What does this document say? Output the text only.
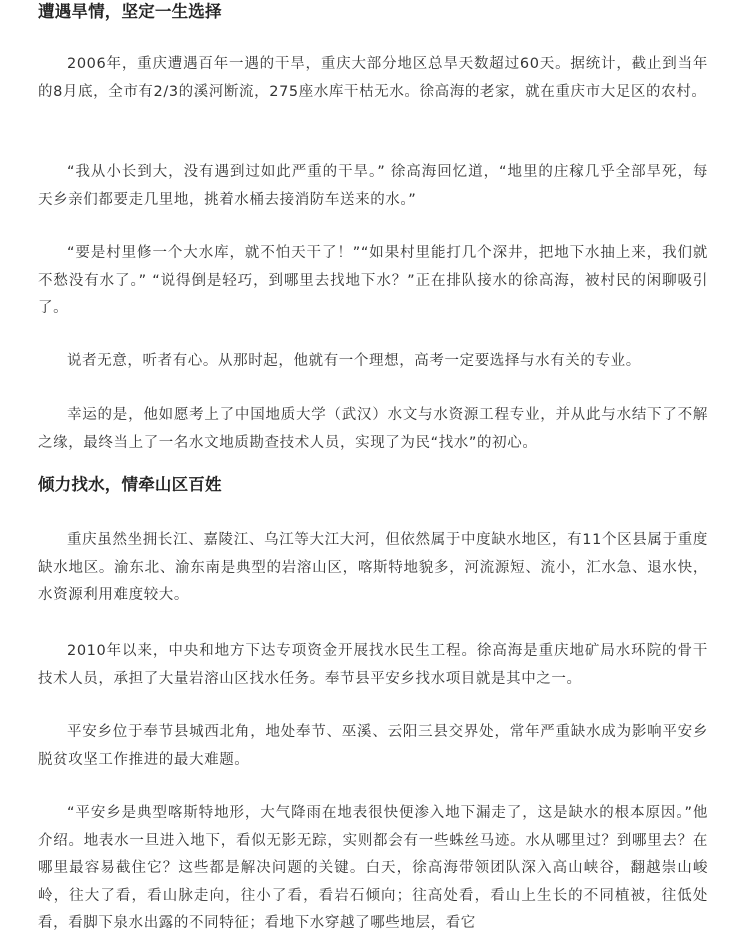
遭遇旱情，坚定一生选择

2006年，重庆遭遇百年一遇的干旱，重庆大部分地区总旱天数超过60天。据统计，截止到当年的8月底，全市有2/3的溪河断流，275座水库干枯无水。徐高海的老家，就在重庆市大足区的农村。

“我从小长到大，没有遇到过如此严重的干旱。” 徐高海回忆道，“地里的庄稼几乎全部旱死，每天乡亲们都要走几里地，挑着水桶去接消防车送来的水。”

“要是村里修一个大水库，就不怕天干了！”“如果村里能打几个深井，把地下水抽上来，我们就不愁没有水了。” “说得倒是轻巧，到哪里去找地下水？”正在排队接水的徐高海，被村民的闲聊吸引了。

说者无意，听者有心。从那时起，他就有一个理想，高考一定要选择与水有关的专业。

幸运的是，他如愿考上了中国地质大学（武汉）水文与水资源工程专业，并从此与水结下了不解之缘，最终当上了一名水文地质勘查技术人员，实现了为民“找水”的初心。

倾力找水，情牵山区百姓

重庆虽然坐拥长江、嘉陵江、乌江等大江大河，但依然属于中度缺水地区，有11个区县属于重度缺水地区。渝东北、渝东南是典型的岩溶山区，喀斯特地貌多，河流源短、流小，汇水急、退水快，水资源利用难度较大。

2010年以来，中央和地方下达专项资金开展找水民生工程。徐高海是重庆地矿局水环院的骨干技术人员，承担了大量岩溶山区找水任务。奉节县平安乡找水项目就是其中之一。

平安乡位于奉节县城西北角，地处奉节、巫溪、云阳三县交界处，常年严重缺水成为影响平安乡脱贫攻坚工作推进的最大难题。

“平安乡是典型喀斯特地形，大气降雨在地表很快便渗入地下漏走了，这是缺水的根本原因。”他介绍。地表水一旦进入地下，看似无影无踪，实则都会有一些蛛丝马迹。水从哪里过？到哪里去？在哪里最容易截住它？这些都是解决问题的关键。白天，徐高海带领团队深入高山峡谷，翻越崇山峻岭，往大了看，看山脉走向，往小了看，看岩石倾向；往高处看，看山上生长的不同植被，往低处看，看脚下泉水出露的不同特征；看地下水穿越了哪些地层，看它
